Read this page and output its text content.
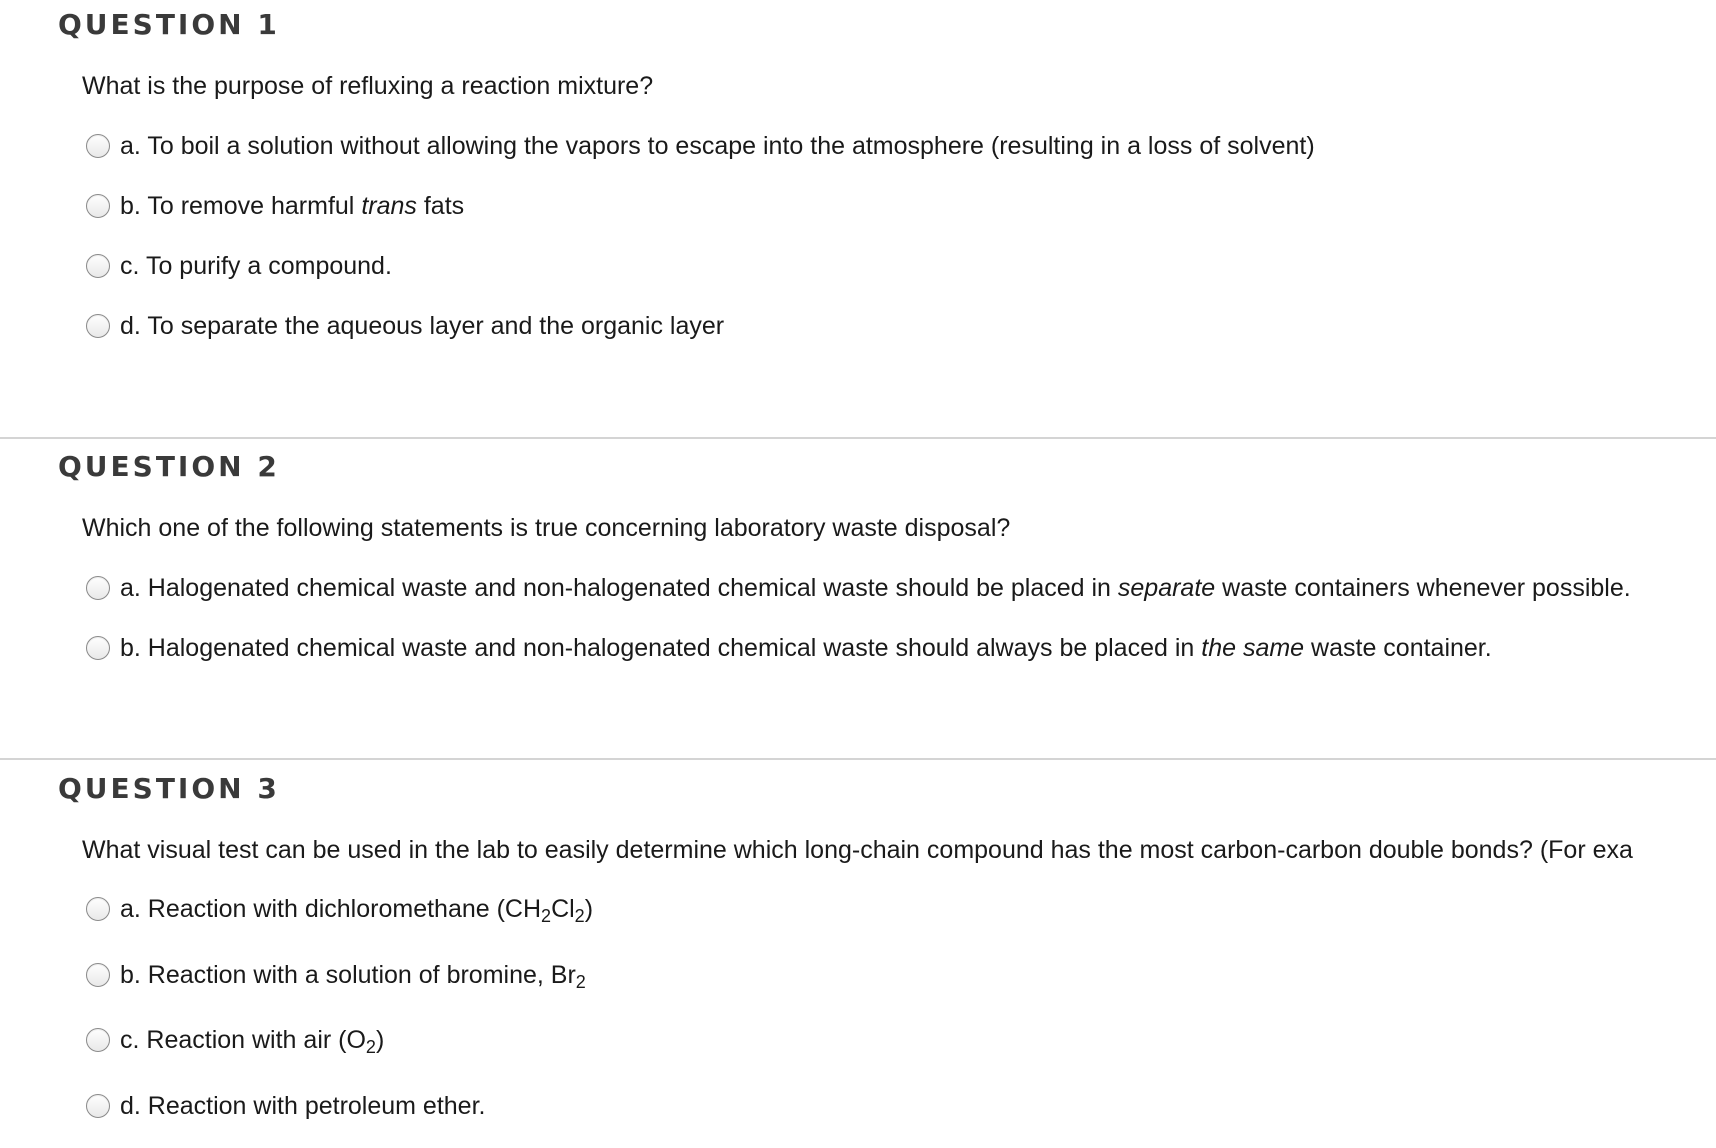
QUESTION 1

What is the purpose of refluxing a reaction mixture?

a. To boil a solution without allowing the vapors to escape into the atmosphere (resulting in a loss of solvent)
b. To remove harmful trans fats
c. To purify a compound.
d. To separate the aqueous layer and the organic layer
QUESTION 2

Which one of the following statements is true concerning laboratory waste disposal?

a. Halogenated chemical waste and non-halogenated chemical waste should be placed in separate waste containers whenever possible.
b. Halogenated chemical waste and non-halogenated chemical waste should always be placed in the same waste container.
QUESTION 3

What visual test can be used in the lab to easily determine which long-chain compound has the most carbon-carbon double bonds? (For exa

a. Reaction with dichloromethane $(CH_2Cl_2)$
b. Reaction with a solution of bromine, $Br_2$
c. Reaction with air $(O_2)$
d. Reaction with petroleum ether.
